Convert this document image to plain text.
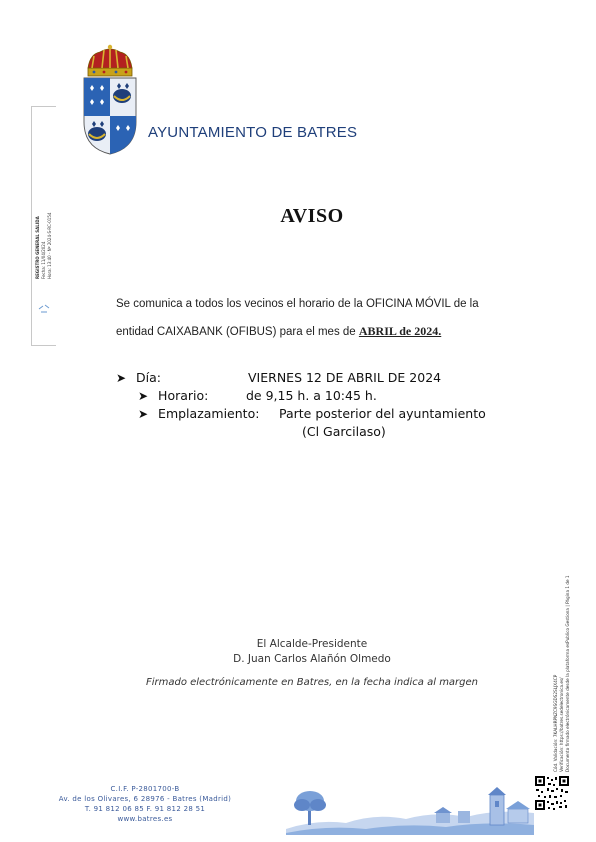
AYUNTAMIENTO DE BATRES
REGISTRO GENERAL SALIDA Fecha: 11/04/2024 Hora: 13:40 - Nº 2024-S-RC-0154
Cód. Validación: 7KALHRPNZC9SGDS2SLJX4CP Verificación: https://batres.sedelectronica.es/ Documento firmado electrónicamente desde la plataforma esPublico Gestiona | Página 1 de 1
AVISO
Se comunica a todos los vecinos el horario de la OFICINA MÓVIL de la
entidad CAIXABANK (OFIBUS) para el mes de ABRIL de 2024.
➤ Día:	VIERNES 12 DE ABRIL DE 2024
➤ Horario:	de 9,15 h. a 10:45 h.
➤ Emplazamiento: Parte posterior del ayuntamiento
(Cl Garcilaso)
El Alcalde-Presidente
D. Juan Carlos Alañón Olmedo
Firmado electrónicamente en Batres, en la fecha indica al margen
C.I.F. P-2801700-B
Av. de los Olivares, 6 28976 - Batres (Madrid)
T. 91 812 06 85 F. 91 812 28 51
www.batres.es
